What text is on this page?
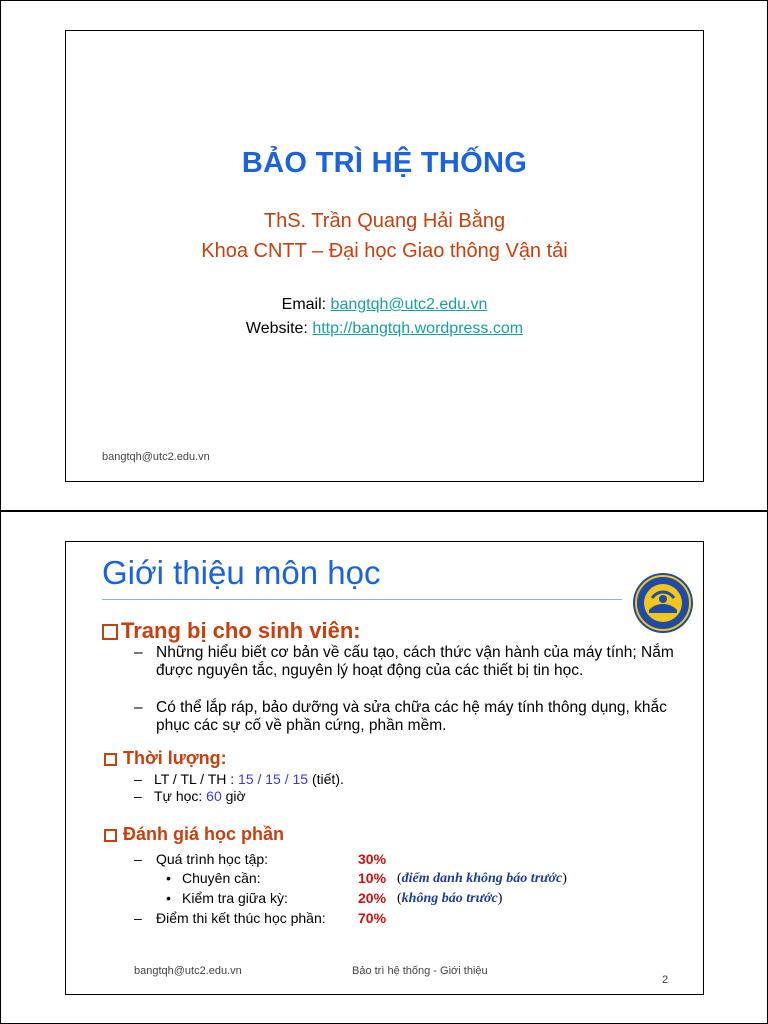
BẢO TRÌ HỆ THỐNG
ThS. Trần Quang Hải Bằng
Khoa CNTT – Đại học Giao thông Vận tải
Email: bangtqh@utc2.edu.vn
Website: http://bangtqh.wordpress.com
bangtqh@utc2.edu.vn
Giới thiệu môn học
Trang bị cho sinh viên:
– Những hiểu biết cơ bản về cấu tạo, cách thức vận hành của máy tính; Nắm được nguyên tắc, nguyên lý hoạt động của các thiết bị tin học.
– Có thể lắp ráp, bảo dưỡng và sửa chữa các hệ máy tính thông dụng, khắc phục các sự cố về phần cứng, phần mềm.
Thời lượng:
– LT / TL / TH : 15 / 15 / 15 (tiết).
– Tự học: 60 giờ
Đánh giá học phần
– Quá trình học tập:	30%
• Chuyên cần:	10% (điểm danh không báo trước)
• Kiểm tra giữa kỳ:	20% (không báo trước)
– Điểm thi kết thúc học phần: 70%
bangtqh@utc2.edu.vn	Bảo trì hệ thống - Giới thiệu
2
